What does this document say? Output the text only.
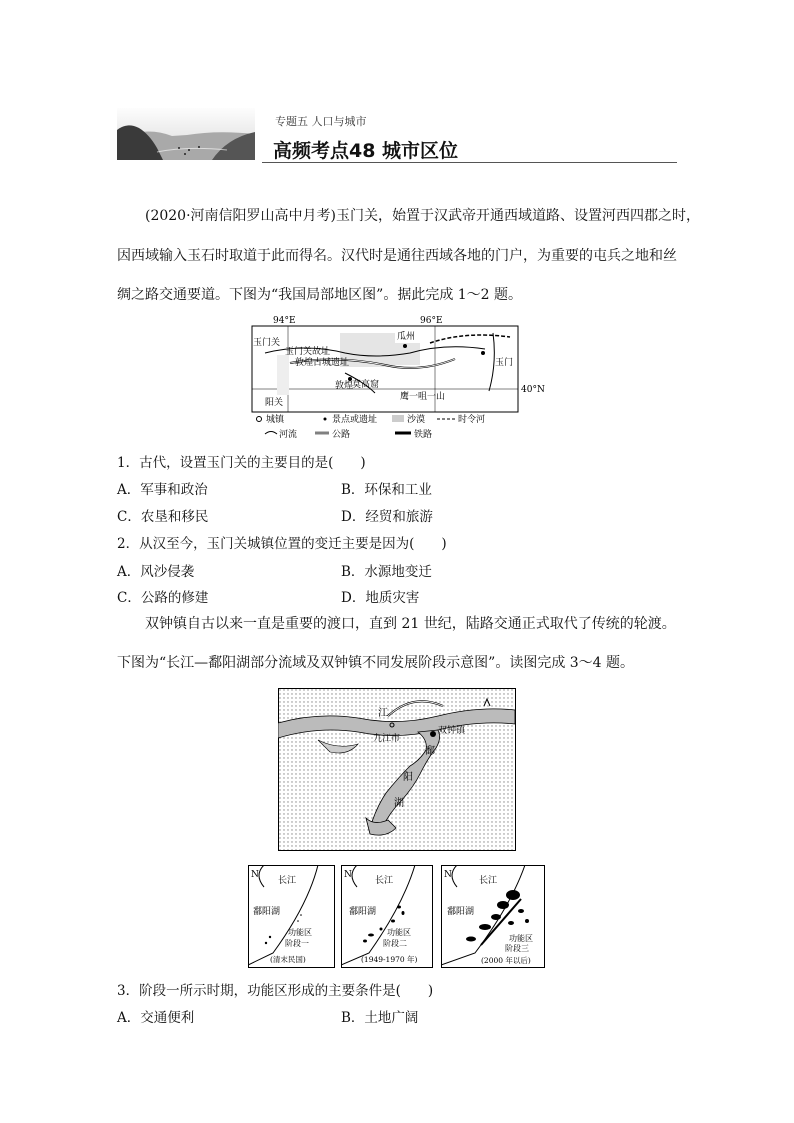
专题五 人口与城市
高频考点48 城市区位
(2020·河南信阳罗山高中月考)玉门关，始置于汉武帝开通西域道路、设置河西四郡之时，
因西域输入玉石时取道于此而得名。汉代时是通往西域各地的门户，为重要的屯兵之地和丝
绸之路交通要道。下图为“我国局部地区图”。据此完成 1～2 题。
94°E	96°E
40°N
玉门关
玉门关故址
敦煌古城遗址
瓜州
玉门
莫高窟
敦煌
阳关
鹰一咀一山
城镇	景点或遗址	沙漠	时令河
河流	公路	铁路
1．古代，设置玉门关的主要目的是(　　)
A．军事和政治	B．环保和工业
C．农垦和移民	D．经贸和旅游
2．从汉至今，玉门关城镇位置的变迁主要是因为(　　)
A．风沙侵袭	B．水源地变迁
C．公路的修建	D．地质灾害
双钟镇自古以来一直是重要的渡口，直到 21 世纪，陆路交通正式取代了传统的轮渡。
下图为“长江—鄱阳湖部分流域及双钟镇不同发展阶段示意图”。读图完成 3～4 题。
江
九江市
双钟镇
鄱
阳
湖
N
长江
鄱阳湖
功能区
阶段一
(清末民国)
N
长江
鄱阳湖
功能区
阶段二
(1949-1970 年)
N
长江
鄱阳湖
功能区
阶段三
(2000 年以后)
3．阶段一所示时期，功能区形成的主要条件是(　　)
A．交通便利	B．土地广阔
